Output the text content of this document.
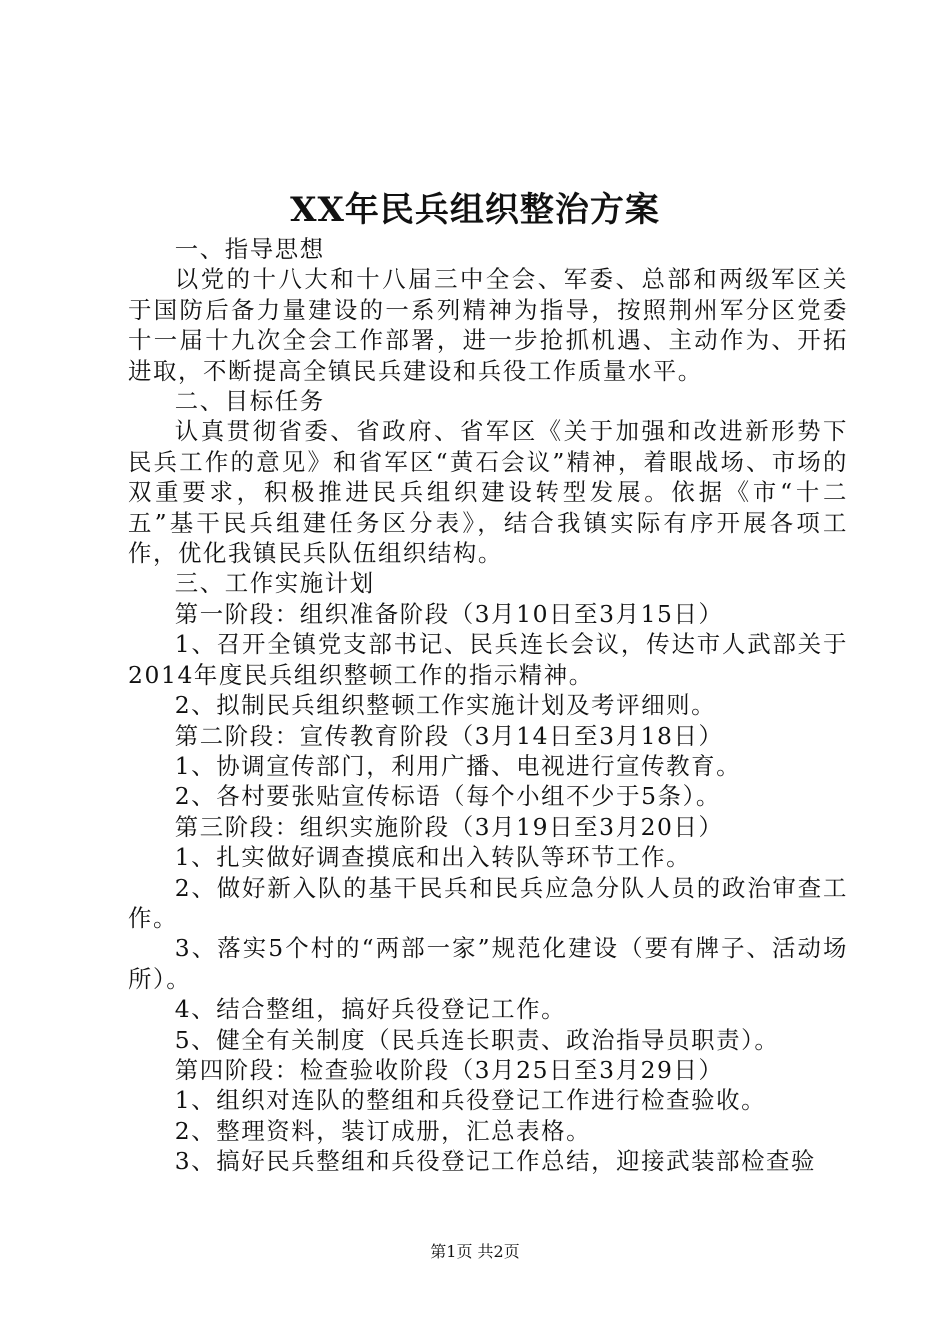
XX年民兵组织整治方案

一、指导思想

以党的十八大和十八届三中全会、军委、总部和两级军区关于国防后备力量建设的一系列精神为指导，按照荆州军分区党委十一届十九次全会工作部署，进一步抢抓机遇、主动作为、开拓进取，不断提高全镇民兵建设和兵役工作质量水平。

二、目标任务

认真贯彻省委、省政府、省军区《关于加强和改进新形势下民兵工作的意见》和省军区“黄石会议”精神，着眼战场、市场的双重要求，积极推进民兵组织建设转型发展。依据《市“十二五”基干民兵组建任务区分表》，结合我镇实际有序开展各项工作，优化我镇民兵队伍组织结构。

三、工作实施计划

第一阶段：组织准备阶段（3月10日至3月15日）

1、召开全镇党支部书记、民兵连长会议，传达市人武部关于2014年度民兵组织整顿工作的指示精神。

2、拟制民兵组织整顿工作实施计划及考评细则。

第二阶段：宣传教育阶段（3月14日至3月18日）

1、协调宣传部门，利用广播、电视进行宣传教育。

2、各村要张贴宣传标语（每个小组不少于5条）。

第三阶段：组织实施阶段（3月19日至3月20日）

1、扎实做好调查摸底和出入转队等环节工作。

2、做好新入队的基干民兵和民兵应急分队人员的政治审查工作。

3、落实5个村的“两部一家”规范化建设（要有牌子、活动场所）。

4、结合整组，搞好兵役登记工作。

5、健全有关制度（民兵连长职责、政治指导员职责）。

第四阶段：检查验收阶段（3月25日至3月29日）

1、组织对连队的整组和兵役登记工作进行检查验收。

2、整理资料，装订成册，汇总表格。

3、搞好民兵整组和兵役登记工作总结，迎接武装部检查验

第1页 共2页
